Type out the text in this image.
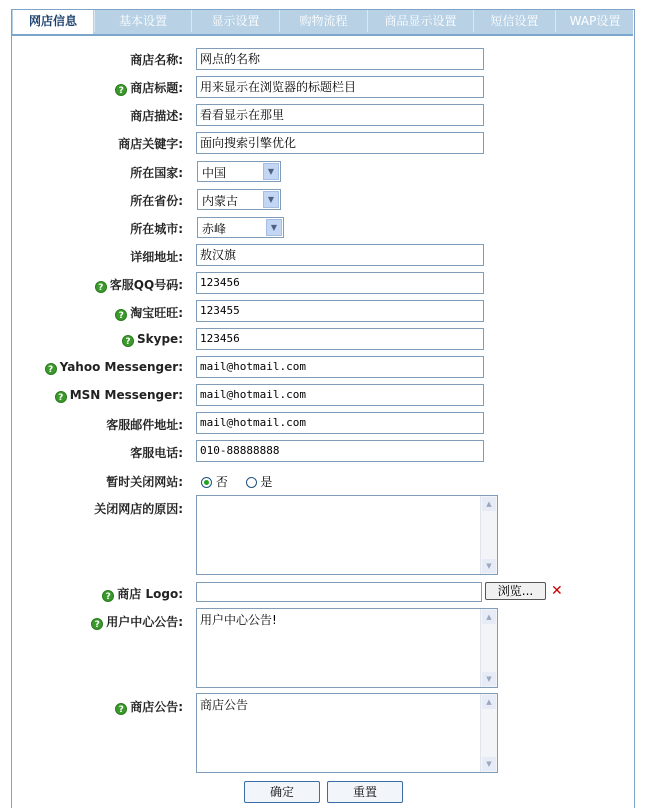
网店信息	基本设置	显示设置	购物流程	商品显示设置	短信设置	WAP设置
商店名称:	网点的名称
? 商店标题:	用来显示在浏览器的标题栏目
商店描述:	看看显示在那里
商店关键字:	面向搜索引擎优化
所在国家: 中国	▼
所在省份: 内蒙古	▼
所在城市: 赤峰	▼
详细地址:	敖汉旗
? 客服QQ号码:	123456
? 淘宝旺旺:	123455
? Skype:	123456
? Yahoo Messenger:	mail@hotmail.com
? MSN Messenger:	mail@hotmail.com
客服邮件地址:	mail@hotmail.com
客服电话:	010-88888888
暂时关闭网站:	否	是
关闭网店的原因:	▲
▼
? 商店 Logo:	浏览...	✕
? 用户中心公告:	用户中心公告!	▲
▼
? 商店公告:	商店公告	▲
▼
确定	重置
